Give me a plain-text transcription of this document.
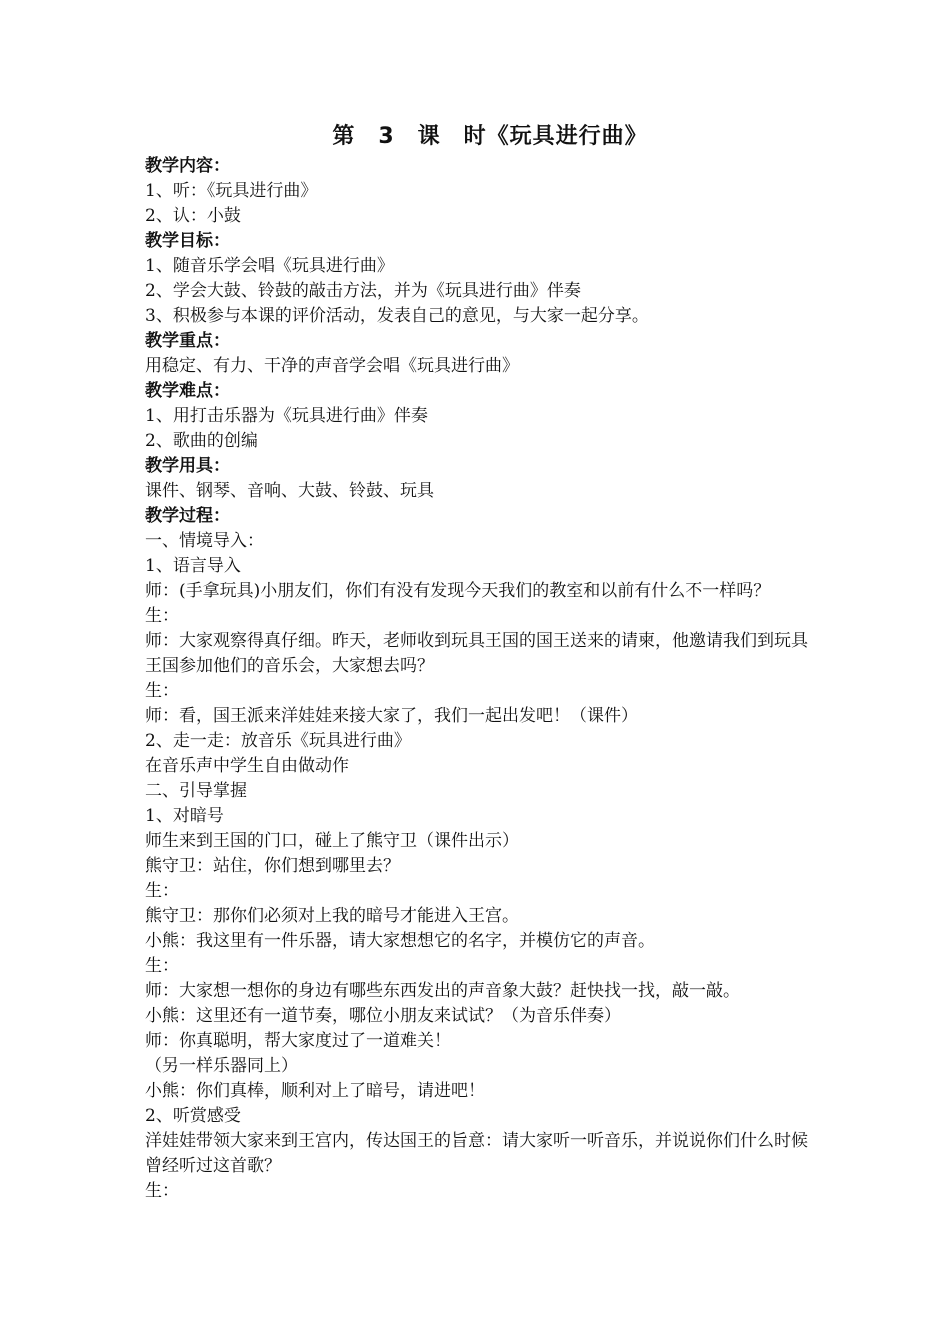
第　3　课　时《玩具进行曲》
教学内容：
1、听：《玩具进行曲》
2、认：小鼓
教学目标：
1、随音乐学会唱《玩具进行曲》
2、学会大鼓、铃鼓的敲击方法，并为《玩具进行曲》伴奏
3、积极参与本课的评价活动，发表自己的意见，与大家一起分享。
教学重点：
用稳定、有力、干净的声音学会唱《玩具进行曲》
教学难点：
1、用打击乐器为《玩具进行曲》伴奏
2、歌曲的创编
教学用具：
课件、钢琴、音响、大鼓、铃鼓、玩具
教学过程：
一、情境导入：
1、语言导入
师：(手拿玩具)小朋友们，你们有没有发现今天我们的教室和以前有什么不一样吗？
生：
师：大家观察得真仔细。昨天，老师收到玩具王国的国王送来的请柬，他邀请我们到玩具王国参加他们的音乐会，大家想去吗？
生：
师：看，国王派来洋娃娃来接大家了，我们一起出发吧！（课件）
2、走一走：放音乐《玩具进行曲》
在音乐声中学生自由做动作
二、引导掌握
1、对暗号
师生来到王国的门口，碰上了熊守卫（课件出示）
熊守卫：站住，你们想到哪里去？
生：
熊守卫：那你们必须对上我的暗号才能进入王宫。
小熊：我这里有一件乐器，请大家想想它的名字，并模仿它的声音。
生：
师：大家想一想你的身边有哪些东西发出的声音象大鼓？赶快找一找，敲一敲。
小熊：这里还有一道节奏，哪位小朋友来试试？（为音乐伴奏）
师：你真聪明，帮大家度过了一道难关！
（另一样乐器同上）
小熊：你们真棒，顺利对上了暗号，请进吧！
2、听赏感受
洋娃娃带领大家来到王宫内，传达国王的旨意：请大家听一听音乐，并说说你们什么时候曾经听过这首歌？
生：
